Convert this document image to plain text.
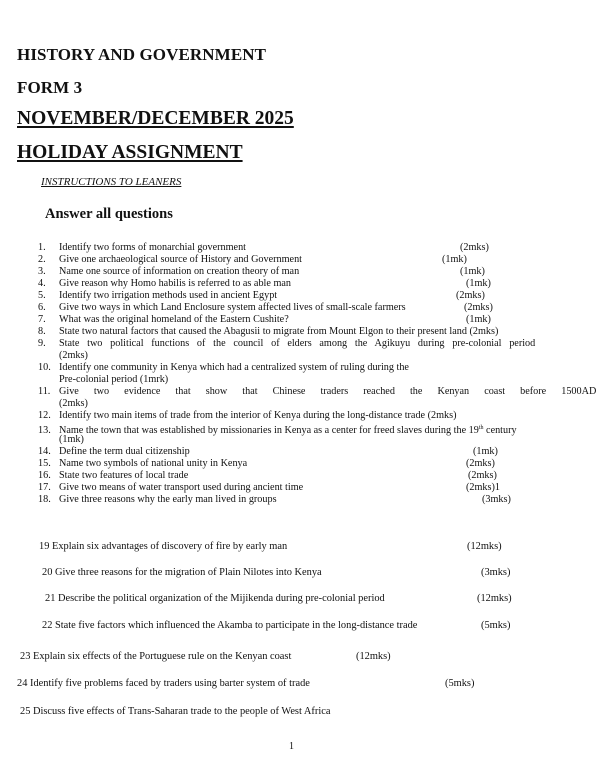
HISTORY AND GOVERNMENT
FORM 3
NOVEMBER/DECEMBER 2025
HOLIDAY ASSIGNMENT
INSTRUCTIONS TO LEANERS
Answer all questions
1. Identify two forms of monarchial government	(2mks)
2. Give one archaeological source of History and Government	(1mk)
3. Name one source of information on creation theory of man	(1mk)
4. Give reason why Homo habilis is referred to as able man	(1mk)
5. Identify two irrigation methods used in ancient Egypt	(2mks)
6. Give two ways in which Land Enclosure system affected lives of small-scale farmers	(2mks)
7. What was the original homeland of the Eastern Cushite?	(1mk)
8. State two natural factors that caused the Abagusii to migrate from Mount Elgon to their present land (2mks)
9. State two political functions of the council of elders among the Agikuyu during pre-colonial period
(2mks)
10. Identify one community in Kenya which had a centralized system of ruling during the
Pre-colonial period (1mrk)
11. Give two evidence that show that Chinese traders reached the Kenyan coast before 1500AD
(2mks)
12. Identify two main items of trade from the interior of Kenya during the long-distance trade (2mks)
13. Name the town that was established by missionaries in Kenya as a center for freed slaves during the 19th century
(1mk)
14. Define the term dual citizenship	(1mk)
15. Name two symbols of national unity in Kenya	(2mks)
16. State two features of local trade	(2mks)
17. Give two means of water transport used during ancient time	(2mks)1
18. Give three reasons why the early man lived in groups	(3mks)
19 Explain six advantages of discovery of fire by early man	(12mks)
20 Give three reasons for the migration of Plain Nilotes into Kenya	(3mks)
21 Describe the political organization of the Mijikenda during pre-colonial period	(12mks)
22 State five factors which influenced the Akamba to participate in the long-distance trade	(5mks)
23 Explain six effects of the Portuguese rule on the Kenyan coast	(12mks)
24 Identify five problems faced by traders using barter system of trade	(5mks)
25 Discuss five effects of Trans-Saharan trade to the people of West Africa
1
